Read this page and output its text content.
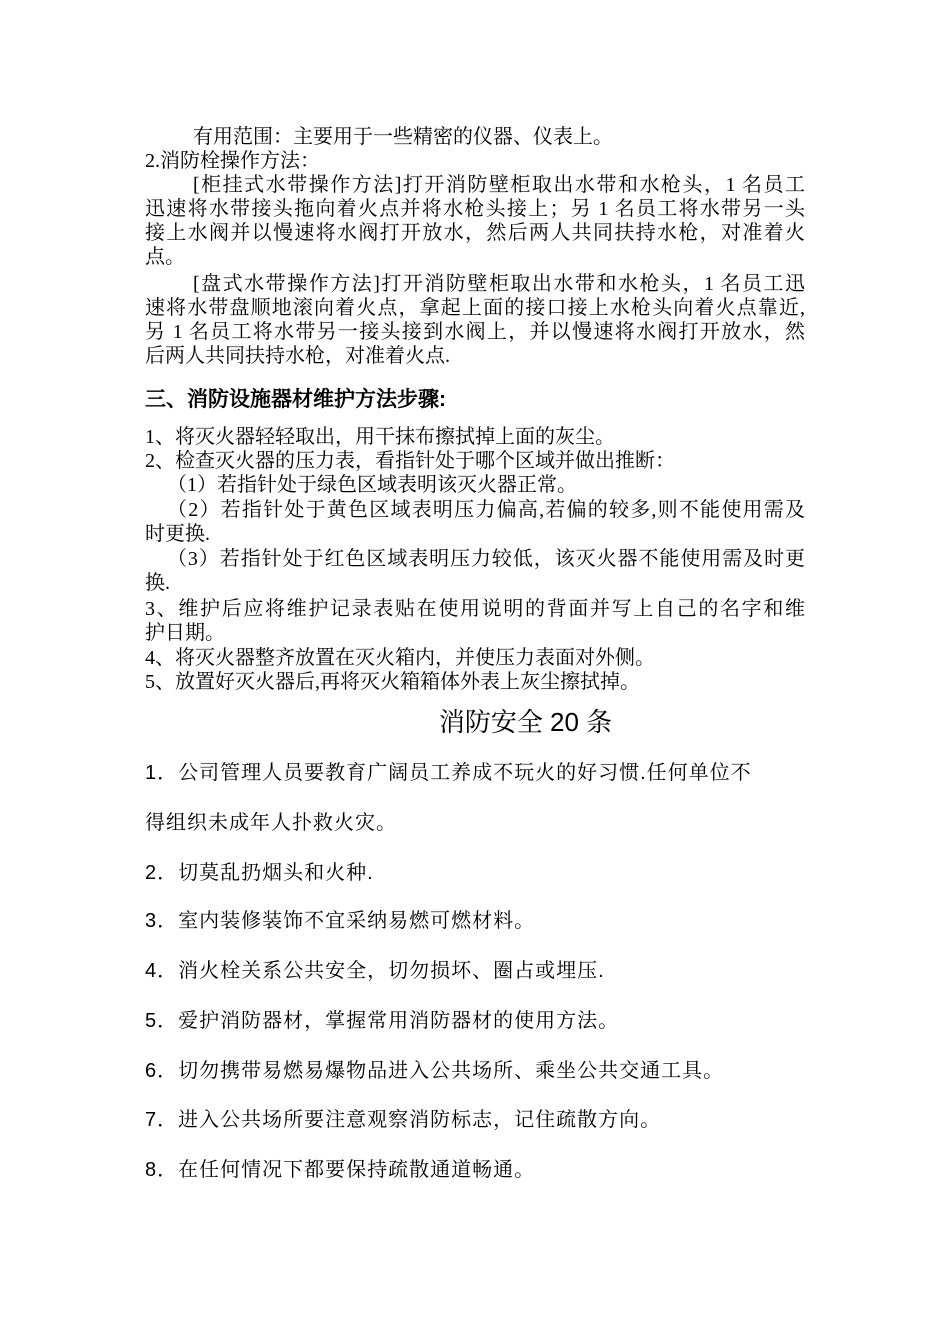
有用范围：主要用于一些精密的仪器、仪表上。
2.消防栓操作方法：
[柜挂式水带操作方法]打开消防壁柜取出水带和水枪头，1 名员工
迅速将水带接头拖向着火点并将水枪头接上；另 1 名员工将水带另一头
接上水阀并以慢速将水阀打开放水，然后两人共同扶持水枪，对准着火
点。
[盘式水带操作方法]打开消防壁柜取出水带和水枪头，1 名员工迅
速将水带盘顺地滚向着火点，拿起上面的接口接上水枪头向着火点靠近,
另 1 名员工将水带另一接头接到水阀上，并以慢速将水阀打开放水，然
后两人共同扶持水枪，对准着火点.
三、消防设施器材维护方法步骤:
1、将灭火器轻轻取出，用干抹布擦拭掉上面的灰尘。
2、检查灭火器的压力表，看指针处于哪个区域并做出推断：
（1）若指针处于绿色区域表明该灭火器正常。
（2）若指针处于黄色区域表明压力偏高,若偏的较多,则不能使用需及
时更换.
（3）若指针处于红色区域表明压力较低，该灭火器不能使用需及时更
换.
3、维护后应将维护记录表贴在使用说明的背面并写上自己的名字和维
护日期。
4、将灭火器整齐放置在灭火箱内，并使压力表面对外侧。
5、放置好灭火器后,再将灭火箱箱体外表上灰尘擦拭掉。
消防安全 20 条
1．公司管理人员要教育广阔员工养成不玩火的好习惯.任何单位不
得组织未成年人扑救火灾。
2．切莫乱扔烟头和火种.
3．室内装修装饰不宜采纳易燃可燃材料。
4．消火栓关系公共安全，切勿损坏、圈占或埋压.
5．爱护消防器材，掌握常用消防器材的使用方法。
6．切勿携带易燃易爆物品进入公共场所、乘坐公共交通工具。
7．进入公共场所要注意观察消防标志，记住疏散方向。
8．在任何情况下都要保持疏散通道畅通。
